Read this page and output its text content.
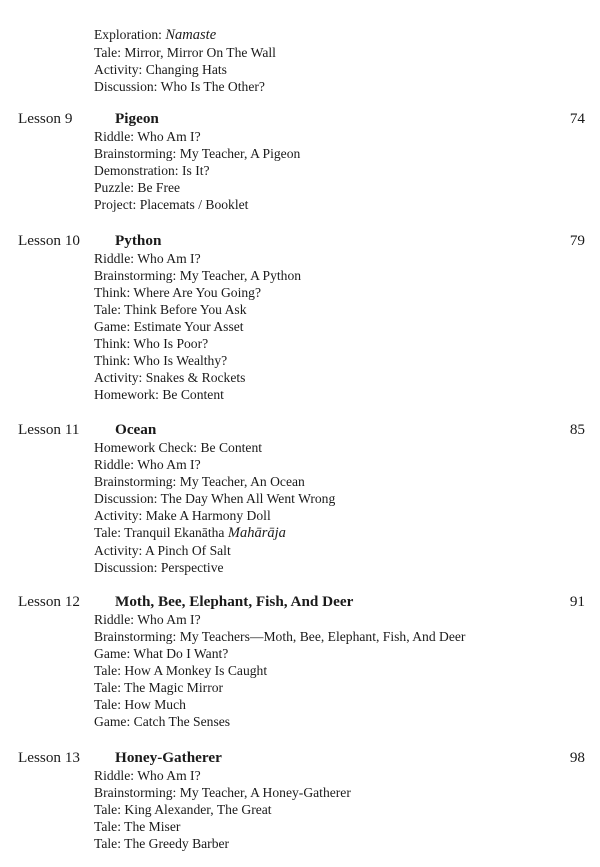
Exploration: Namaste
Tale: Mirror, Mirror On The Wall
Activity: Changing Hats
Discussion: Who Is The Other?
Lesson 9	Pigeon	74
Riddle: Who Am I?
Brainstorming: My Teacher, A Pigeon
Demonstration: Is It?
Puzzle: Be Free
Project: Placemats / Booklet
Lesson 10 Python	79
Riddle: Who Am I?
Brainstorming: My Teacher, A Python
Think: Where Are You Going?
Tale: Think Before You Ask
Game: Estimate Your Asset
Think: Who Is Poor?
Think: Who Is Wealthy?
Activity: Snakes & Rockets
Homework: Be Content
Lesson 11 Ocean	85
Homework Check: Be Content
Riddle: Who Am I?
Brainstorming: My Teacher, An Ocean
Discussion: The Day When All Went Wrong
Activity: Make A Harmony Doll
Tale: Tranquil Ekanātha Mahārāja
Activity: A Pinch Of Salt
Discussion: Perspective
Lesson 12 Moth, Bee, Elephant, Fish, And Deer	91
Riddle: Who Am I?
Brainstorming: My Teachers—Moth, Bee, Elephant, Fish, And Deer
Game: What Do I Want?
Tale: How A Monkey Is Caught
Tale: The Magic Mirror
Tale: How Much
Game: Catch The Senses
Lesson 13 Honey-Gatherer	98
Riddle: Who Am I?
Brainstorming: My Teacher, A Honey-Gatherer
Tale: King Alexander, The Great
Tale: The Miser
Tale: The Greedy Barber
